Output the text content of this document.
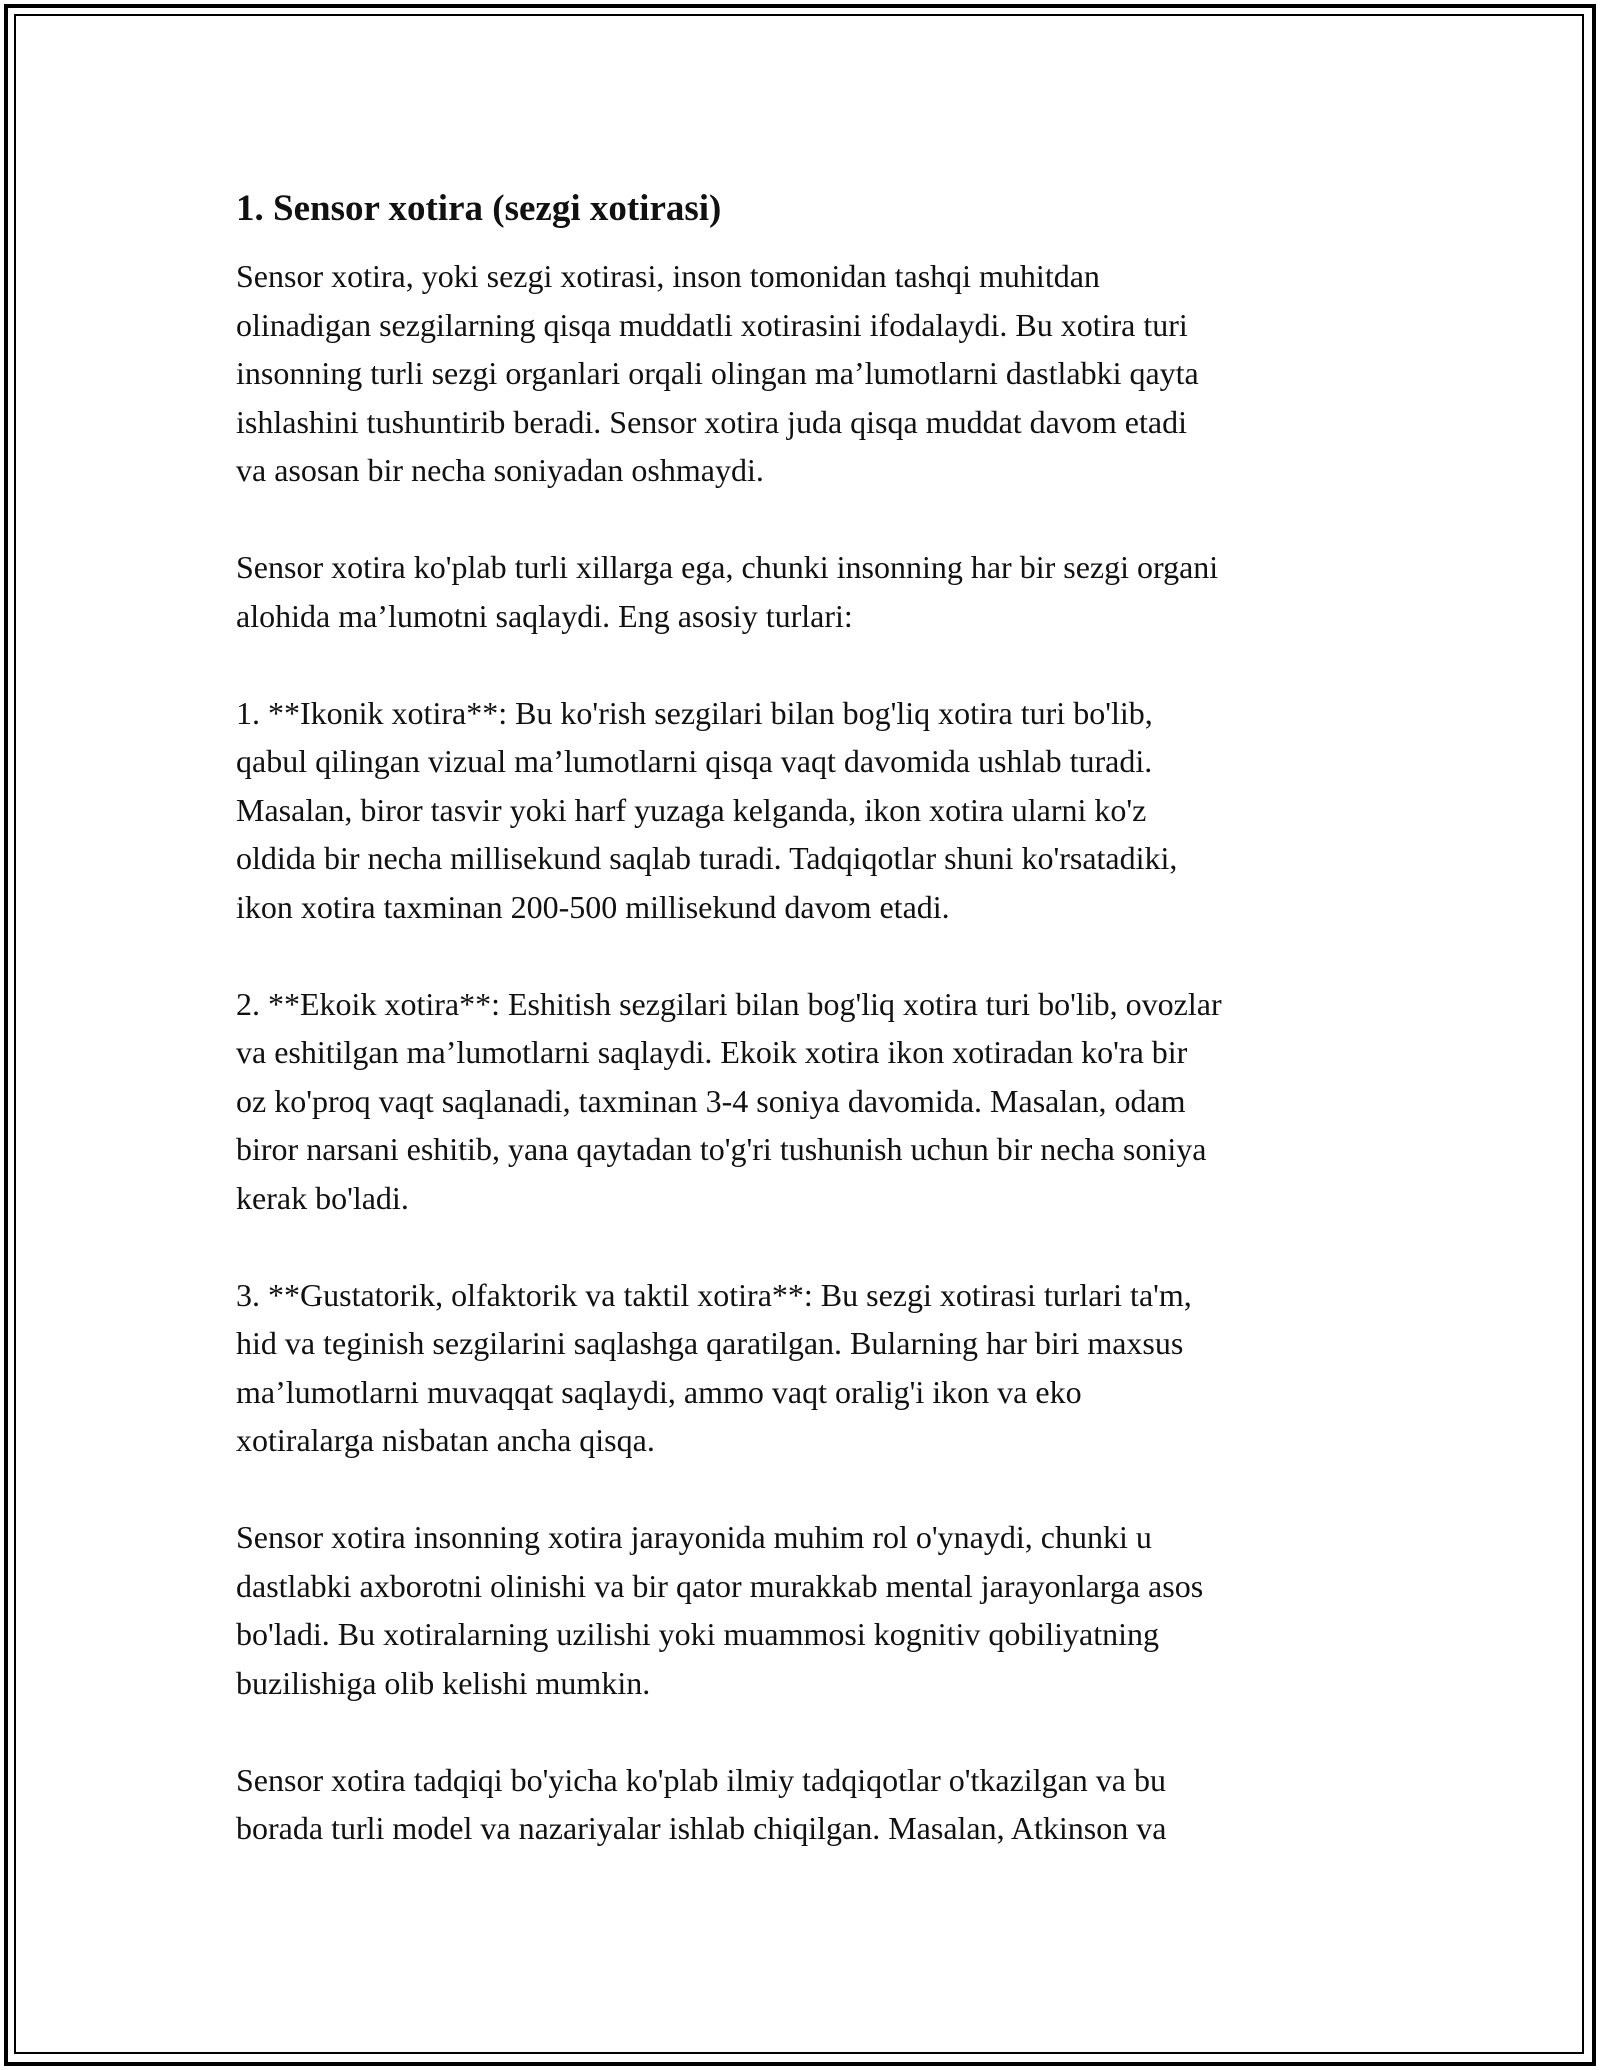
1. Sensor xotira (sezgi xotirasi)

Sensor xotira, yoki sezgi xotirasi, inson tomonidan tashqi muhitdan
olinadigan sezgilarning qisqa muddatli xotirasini ifodalaydi. Bu xotira turi
insonning turli sezgi organlari orqali olingan ma’lumotlarni dastlabki qayta
ishlashini tushuntirib beradi. Sensor xotira juda qisqa muddat davom etadi
va asosan bir necha soniyadan oshmaydi.

Sensor xotira ko'plab turli xillarga ega, chunki insonning har bir sezgi organi
alohida ma’lumotni saqlaydi. Eng asosiy turlari:

1. **Ikonik xotira**: Bu ko'rish sezgilari bilan bog'liq xotira turi bo'lib,
qabul qilingan vizual ma’lumotlarni qisqa vaqt davomida ushlab turadi.
Masalan, biror tasvir yoki harf yuzaga kelganda, ikon xotira ularni ko'z
oldida bir necha millisekund saqlab turadi. Tadqiqotlar shuni ko'rsatadiki,
ikon xotira taxminan 200-500 millisekund davom etadi.

2. **Ekoik xotira**: Eshitish sezgilari bilan bog'liq xotira turi bo'lib, ovozlar
va eshitilgan ma’lumotlarni saqlaydi. Ekoik xotira ikon xotiradan ko'ra bir
oz ko'proq vaqt saqlanadi, taxminan 3-4 soniya davomida. Masalan, odam
biror narsani eshitib, yana qaytadan to'g'ri tushunish uchun bir necha soniya
kerak bo'ladi.

3. **Gustatorik, olfaktorik va taktil xotira**: Bu sezgi xotirasi turlari ta'm,
hid va teginish sezgilarini saqlashga qaratilgan. Bularning har biri maxsus
ma’lumotlarni muvaqqat saqlaydi, ammo vaqt oralig'i ikon va eko
xotiralarga nisbatan ancha qisqa.

Sensor xotira insonning xotira jarayonida muhim rol o'ynaydi, chunki u
dastlabki axborotni olinishi va bir qator murakkab mental jarayonlarga asos
bo'ladi. Bu xotiralarning uzilishi yoki muammosi kognitiv qobiliyatning
buzilishiga olib kelishi mumkin.

Sensor xotira tadqiqi bo'yicha ko'plab ilmiy tadqiqotlar o'tkazilgan va bu
borada turli model va nazariyalar ishlab chiqilgan. Masalan, Atkinson va
